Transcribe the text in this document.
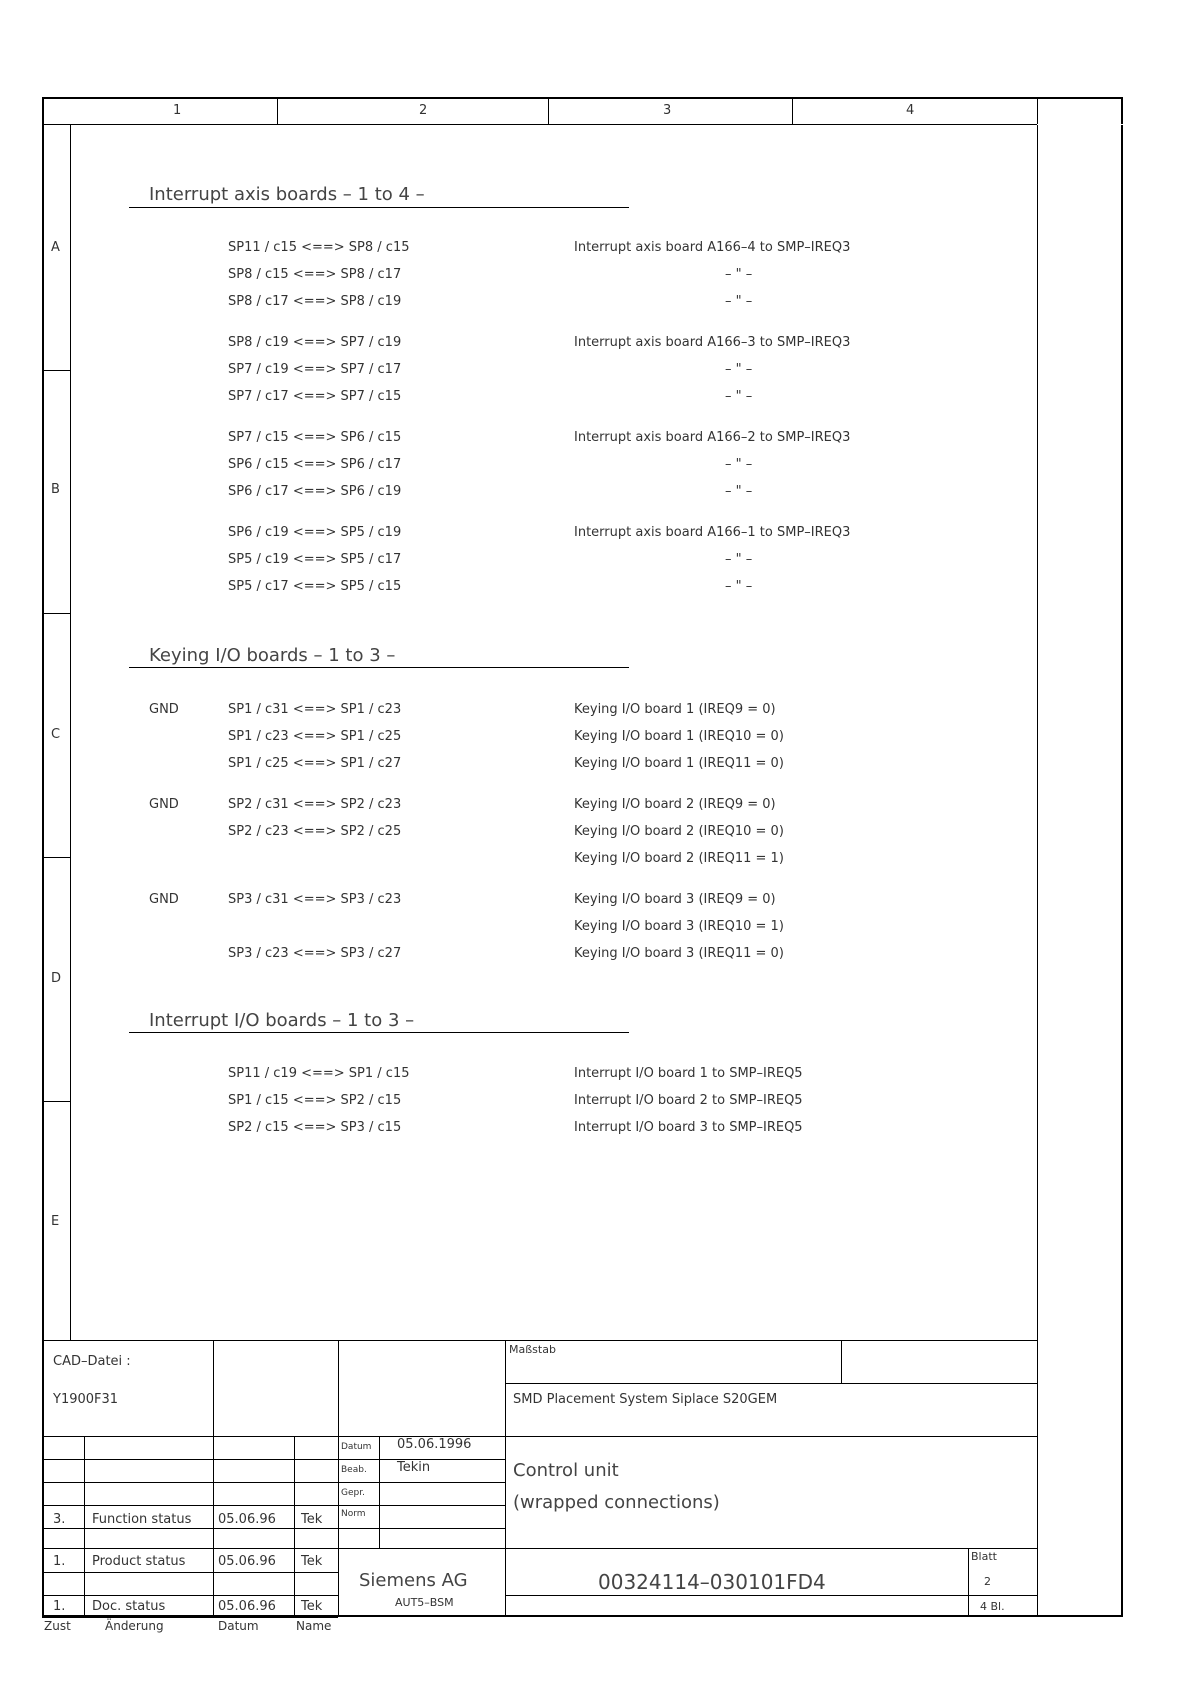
1	2	3	4
A
B
C
D
E
Interrupt axis boards – 1 to 4 –
SP11 / c15 <==> SP8 / c15	Interrupt axis board A166–4 to SMP–IREQ3
SP8 / c15 <==> SP8 / c17	– " –
SP8 / c17 <==> SP8 / c19	– " –
SP8 / c19 <==> SP7 / c19	Interrupt axis board A166–3 to SMP–IREQ3
SP7 / c19 <==> SP7 / c17	– " –
SP7 / c17 <==> SP7 / c15	– " –
SP7 / c15 <==> SP6 / c15	Interrupt axis board A166–2 to SMP–IREQ3
SP6 / c15 <==> SP6 / c17	– " –
SP6 / c17 <==> SP6 / c19	– " –
SP6 / c19 <==> SP5 / c19	Interrupt axis board A166–1 to SMP–IREQ3
SP5 / c19 <==> SP5 / c17	– " –
SP5 / c17 <==> SP5 / c15	– " –
Keying I/O boards – 1 to 3 –
GND	SP1 / c31 <==> SP1 / c23	Keying I/O board 1 (IREQ9 = 0)
SP1 / c23 <==> SP1 / c25	Keying I/O board 1 (IREQ10 = 0)
SP1 / c25 <==> SP1 / c27	Keying I/O board 1 (IREQ11 = 0)
GND	SP2 / c31 <==> SP2 / c23	Keying I/O board 2 (IREQ9 = 0)
SP2 / c23 <==> SP2 / c25	Keying I/O board 2 (IREQ10 = 0)
Keying I/O board 2 (IREQ11 = 1)
GND	SP3 / c31 <==> SP3 / c23	Keying I/O board 3 (IREQ9 = 0)
Keying I/O board 3 (IREQ10 = 1)
SP3 / c23 <==> SP3 / c27	Keying I/O board 3 (IREQ11 = 0)
Interrupt I/O boards – 1 to 3 –
SP11 / c19 <==> SP1 / c15	Interrupt I/O board 1 to SMP–IREQ5
SP1 / c15 <==> SP2 / c15	Interrupt I/O board 2 to SMP–IREQ5
SP2 / c15 <==> SP3 / c15	Interrupt I/O board 3 to SMP–IREQ5
CAD–Datei :
Y1900F31
Maßstab
SMD Placement System Siplace S20GEM
Datum 05.06.1996
Beab. Tekin
Gepr.
Norm
Control unit
(wrapped connections)
3. Function status 05.06.96 Tek
1. Product status	05.06.96 Tek
1. Doc. status	05.06.96 Tek
Zust	Änderung	Datum	Name
Siemens AG
AUT5–BSM
00324114–030101FD4
Blatt
2
4 Bl.
